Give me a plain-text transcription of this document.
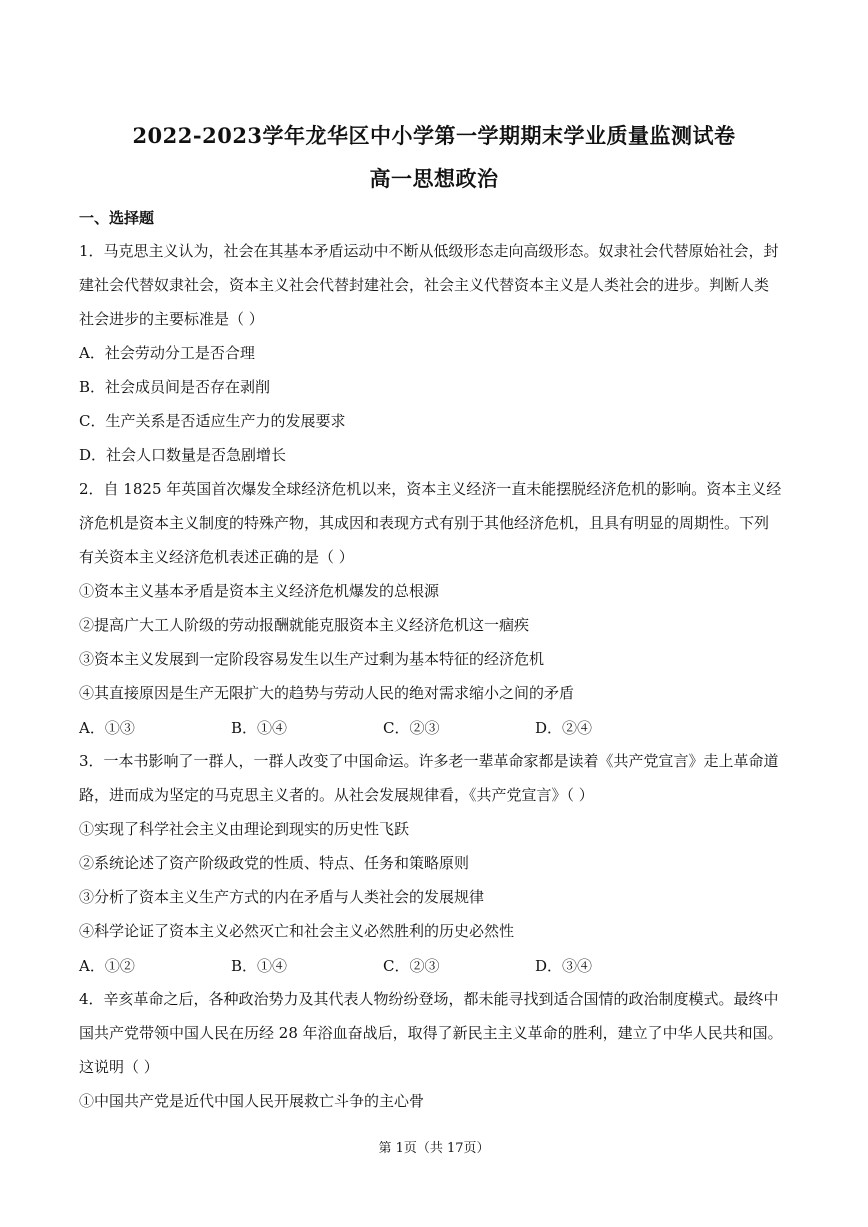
2022-2023学年龙华区中小学第一学期期末学业质量监测试卷
高一思想政治
一、选择题
1．马克思主义认为，社会在其基本矛盾运动中不断从低级形态走向高级形态。奴隶社会代替原始社会，封
建社会代替奴隶社会，资本主义社会代替封建社会，社会主义代替资本主义是人类社会的进步。判断人类
社会进步的主要标准是（ ）
A．社会劳动分工是否合理
B．社会成员间是否存在剥削
C．生产关系是否适应生产力的发展要求
D．社会人口数量是否急剧增长
2．自 1825 年英国首次爆发全球经济危机以来，资本主义经济一直未能摆脱经济危机的影响。资本主义经
济危机是资本主义制度的特殊产物，其成因和表现方式有别于其他经济危机，且具有明显的周期性。下列
有关资本主义经济危机表述正确的是（ ）
①资本主义基本矛盾是资本主义经济危机爆发的总根源
②提高广大工人阶级的劳动报酬就能克服资本主义经济危机这一痼疾
③资本主义发展到一定阶段容易发生以生产过剩为基本特征的经济危机
④其直接原因是生产无限扩大的趋势与劳动人民的绝对需求缩小之间的矛盾
A．①③	B．①④	C．②③	D．②④
3．一本书影响了一群人，一群人改变了中国命运。许多老一辈革命家都是读着《共产党宣言》走上革命道
路，进而成为坚定的马克思主义者的。从社会发展规律看，《共产党宣言》（ ）
①实现了科学社会主义由理论到现实的历史性飞跃
②系统论述了资产阶级政党的性质、特点、任务和策略原则
③分析了资本主义生产方式的内在矛盾与人类社会的发展规律
④科学论证了资本主义必然灭亡和社会主义必然胜利的历史必然性
A．①②	B．①④	C．②③	D．③④
4．辛亥革命之后，各种政治势力及其代表人物纷纷登场，都未能寻找到适合国情的政治制度模式。最终中
国共产党带领中国人民在历经 28 年浴血奋战后，取得了新民主主义革命的胜利，建立了中华人民共和国。
这说明（ ）
①中国共产党是近代中国人民开展救亡斗争的主心骨
第 1页（共 17页）
